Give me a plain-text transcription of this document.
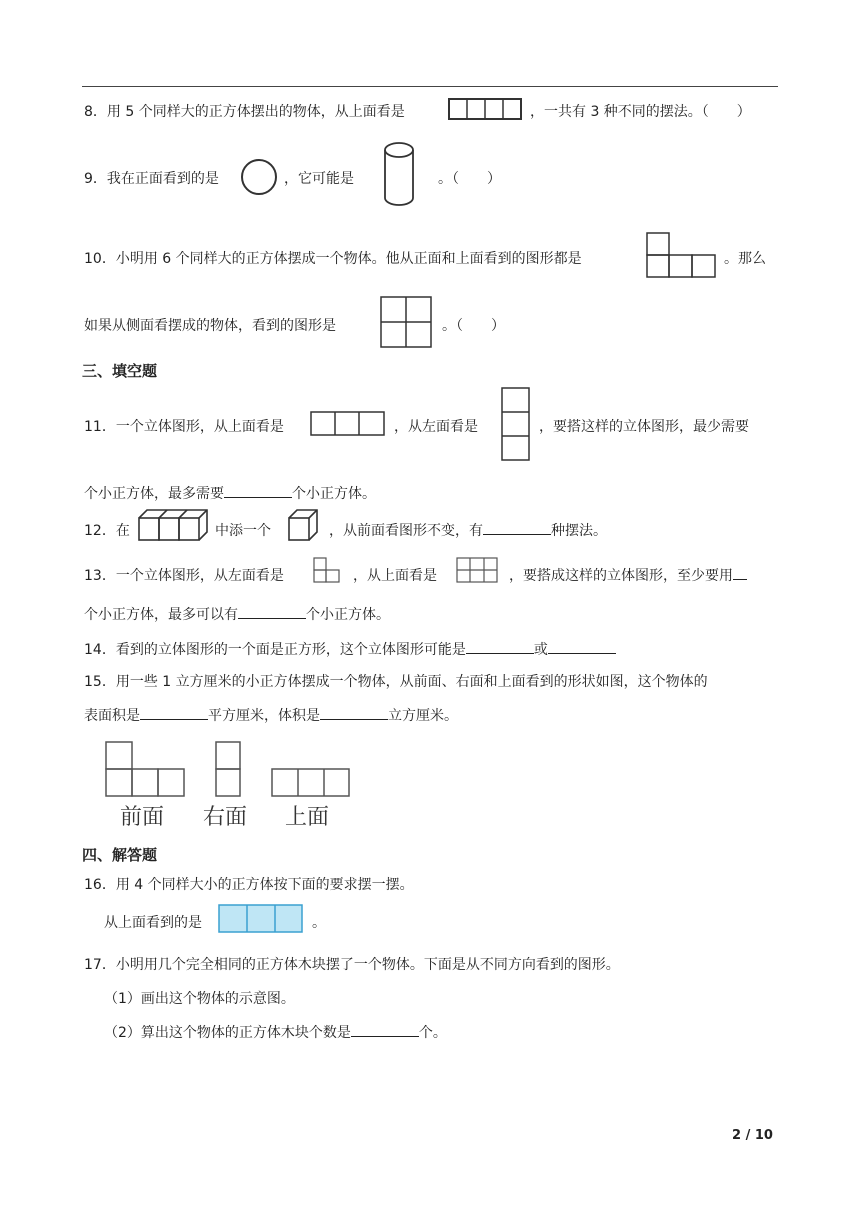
8．用 5 个同样大的正方体摆出的物体，从上面看是	，一共有 3 种不同的摆法。（　　）
9．我在正面看到的是	，它可能是	。（　　）
10．小明用 6 个同样大的正方体摆成一个物体。他从正面和上面看到的图形都是	。那么
如果从侧面看摆成的物体，看到的图形是	。（　　）
三、填空题
11．一个立体图形，从上面看是	，从左面看是	，要搭这样的立体图形，最少需要
个小正方体，最多需要	个小正方体。
12．在	中添一个	，从前面看图形不变，有	种摆法。
13．一个立体图形，从左面看是	，从上面看是	，要搭成这样的立体图形，至少要用
个小正方体，最多可以有	个小正方体。
14．看到的立体图形的一个面是正方形，这个立体图形可能是	或
15．用一些 1 立方厘米的小正方体摆成一个物体，从前面、右面和上面看到的形状如图，这个物体的
表面积是	平方厘米，体积是	立方厘米。
前面 右面 上面
四、解答题
16．用 4 个同样大小的正方体按下面的要求摆一摆。
从上面看到的是	。
17．小明用几个完全相同的正方体木块摆了一个物体。下面是从不同方向看到的图形。
（1）画出这个物体的示意图。
（2）算出这个物体的正方体木块个数是	个。
2 / 10
